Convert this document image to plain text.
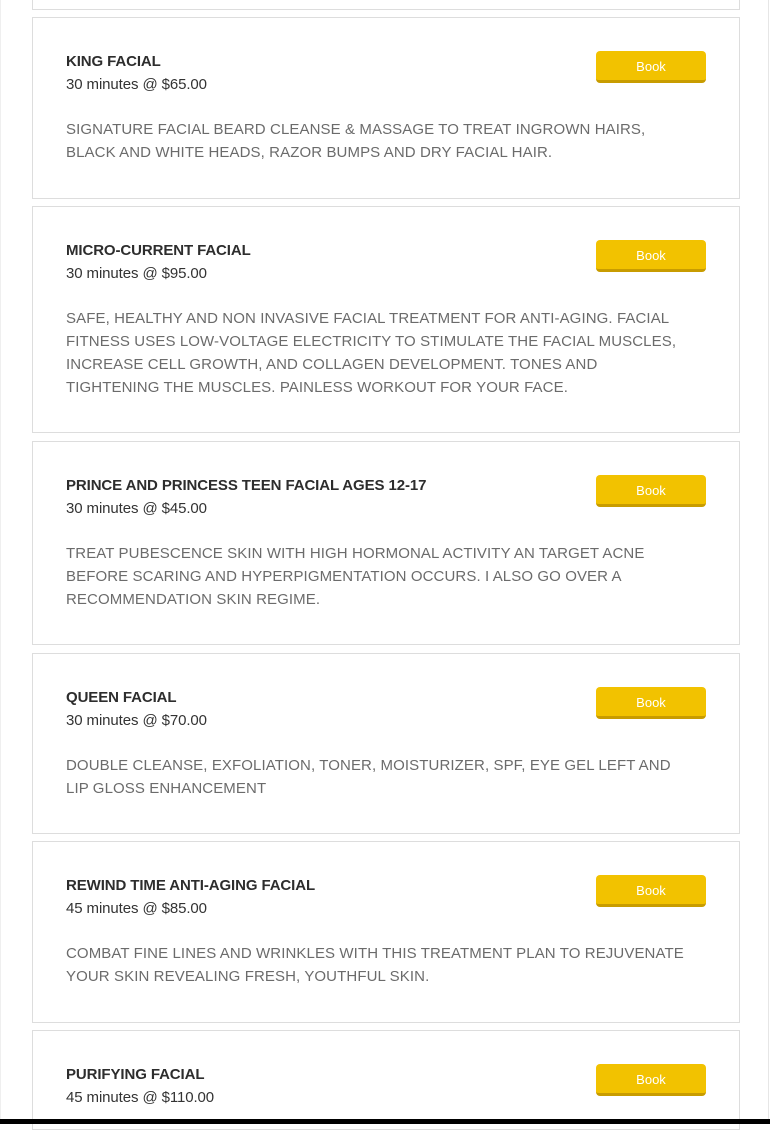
KING FACIAL
30 minutes @ $65.00
SIGNATURE FACIAL BEARD CLEANSE & MASSAGE TO TREAT INGROWN HAIRS, BLACK AND WHITE HEADS, RAZOR BUMPS AND DRY FACIAL HAIR.
Book
MICRO-CURRENT FACIAL
30 minutes @ $95.00
SAFE, HEALTHY AND NON INVASIVE FACIAL TREATMENT FOR ANTI-AGING. FACIAL FITNESS USES LOW-VOLTAGE ELECTRICITY TO STIMULATE THE FACIAL MUSCLES, INCREASE CELL GROWTH, AND COLLAGEN DEVELOPMENT. TONES AND TIGHTENING THE MUSCLES. PAINLESS WORKOUT FOR YOUR FACE.
Book
PRINCE AND PRINCESS TEEN FACIAL AGES 12-17
30 minutes @ $45.00
TREAT PUBESCENCE SKIN WITH HIGH HORMONAL ACTIVITY AN TARGET ACNE BEFORE SCARING AND HYPERPIGMENTATION OCCURS. I ALSO GO OVER A RECOMMENDATION SKIN REGIME.
Book
QUEEN FACIAL
30 minutes @ $70.00
DOUBLE CLEANSE, EXFOLIATION, TONER, MOISTURIZER, SPF, EYE GEL LEFT AND LIP GLOSS ENHANCEMENT
Book
REWIND TIME ANTI-AGING FACIAL
45 minutes @ $85.00
COMBAT FINE LINES AND WRINKLES WITH THIS TREATMENT PLAN TO REJUVENATE YOUR SKIN REVEALING FRESH, YOUTHFUL SKIN.
Book
PURIFYING FACIAL
45 minutes @ $110.00
Book
